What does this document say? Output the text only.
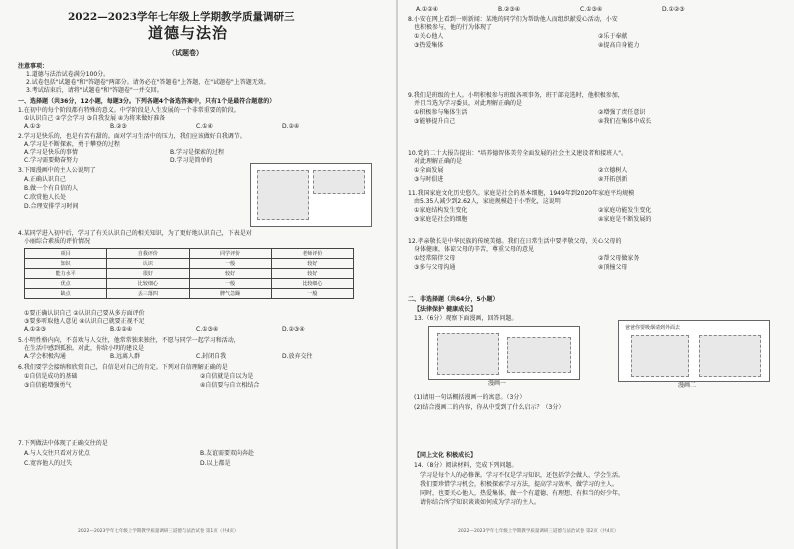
2022—2023学年七年级上学期教学质量调研三
道德与法治
（试题卷）
注意事项：
1.道德与法治试卷满分100分。
2.试卷包括"试题卷"和"答题卷"两部分。请务必在"答题卷"上答题，在"试题卷"上答题无效。
3.考试结束后，请将"试题卷"和"答题卷"一并交回。
一、选择题（共36分，12小题，每题3分。下列各题4个备选答案中，只有1个是最符合题意的）
1.在初中的每个阶段都有特殊的意义。中学阶段是人生发展的一个非常重要的阶段。
①认识自己 ②学会学习 ③自我发展 ④为将来做好准备
A.①③	B.②③	C.①④	D.②④
2.学习是快乐的，也是有苦有甜的。面对学习生活中的压力，我们应该做好自我调节。
A.学习是不断探索，勇于攀登的过程
A.学习是快乐的事情	B.学习是探索的过程
C.学习需要勤奋努力	D.学习是简单的
3.下图漫画中的主人公说明了
A.正确认识自己
B.做一个有自信的人
C.欣赏他人长处
D.合理安排学习时间
4.某同学进入初中后，学习了有关认识自己的相关知识，为了更好地认识自己，下表是对
小丽综合素质的评价情况
项目	自我评价	同学评价	老师评价
知识	认识	一般	较好
能力水平	很好	较好	较好
优点	比较细心	一般	比较细心
缺点	丢三落四	脾气急躁	一般
①要正确认识自己 ②认识自己要从多方面评价
③要多听取他人意见 ④认识自己就要正视不足
A.①②③	B.①②④	C.①③④	D.②③④
5.小明性格内向，不喜欢与人交往，他常常独来独往，不愿与同学一起学习和活动，
在生活中感到孤独。对此，你给小明的建议是
A.学会积极沟通	B.远离人群	C.封闭自我	D.放弃交往
6.我们要学会接纳和欣赏自己，自信是对自己的肯定。下列对自信理解正确的是
①自信是成功的基础	②自信就是自以为是
③自信能增强勇气	④自信要与自立相结合
7.下列做法中体现了正确交往的是
A.与人交往只看对方优点	B.友谊需要双向奔赴
C.宽容他人的过失	D.以上都是
2022—2023学年七年级上学期教学质量调研三道德与法治试卷 第1页（共4页）
A.①②④	B.②③④	C.①③④	D.①②③
8.小安在网上看到一则新闻：某地的同学们为帮助他人而组织献爱心活动，小安
也积极参与，他的行为体现了
①关心他人	②乐于奉献
③热爱集体	④提高自身能力
9.我们是班级的主人。小明积极参与班级各项事务，班干部竞选时，他积极参加，
并且当选为学习委员，对此理解正确的是
①积极参与集体生活	②增强了责任意识
③能够提升自己	④我们在集体中成长
10.党的二十大报告提出："培养德智体美劳全面发展的社会主义建设者和接班人"。
对此理解正确的是
①全面发展	②立德树人
③与时俱进	④开拓创新
11.我国家庭文化历史悠久。家庭是社会的基本细胞，1949年到2020年家庭平均规模
由5.35人减少到2.62人，家庭规模趋于小型化，这说明
①家庭结构发生变化	②家庭功能发生变化
③家庭是社会的细胞	④家庭是不断发展的
12.孝亲敬长是中华民族的传统美德。我们在日常生活中要孝敬父母，关心父母的
身体健康，体谅父母的辛苦，尊重父母的意见
①经常陪伴父母	②帮父母做家务
③多与父母沟通	④顶撞父母
二、非选择题（共64分，5小题）
【法律保护 健康成长】
13.（6分）观察下面漫画，回答问题。
漫画一
爸爸你要吸烟请到外面去
漫画二
(1)请用一句话概括漫画一的寓意。（3分）
(2)结合漫画二的内容，你从中受到了什么启示？（3分）
【同上文化 积极成长】
14.（8分）阅读材料，完成下列问题。
学习是每个人的必修课。学习不仅是学习知识，还包括学会做人、学会生活。
我们要珍惜学习机会，积极探索学习方法，提高学习效率，做学习的主人。
同时，也要关心他人，热爱集体，做一个有道德、有理想、有担当的好少年。
请你结合所学知识谈谈如何成为学习的主人。
2022—2023学年七年级上学期教学质量调研三道德与法治试卷 第2页（共4页）
